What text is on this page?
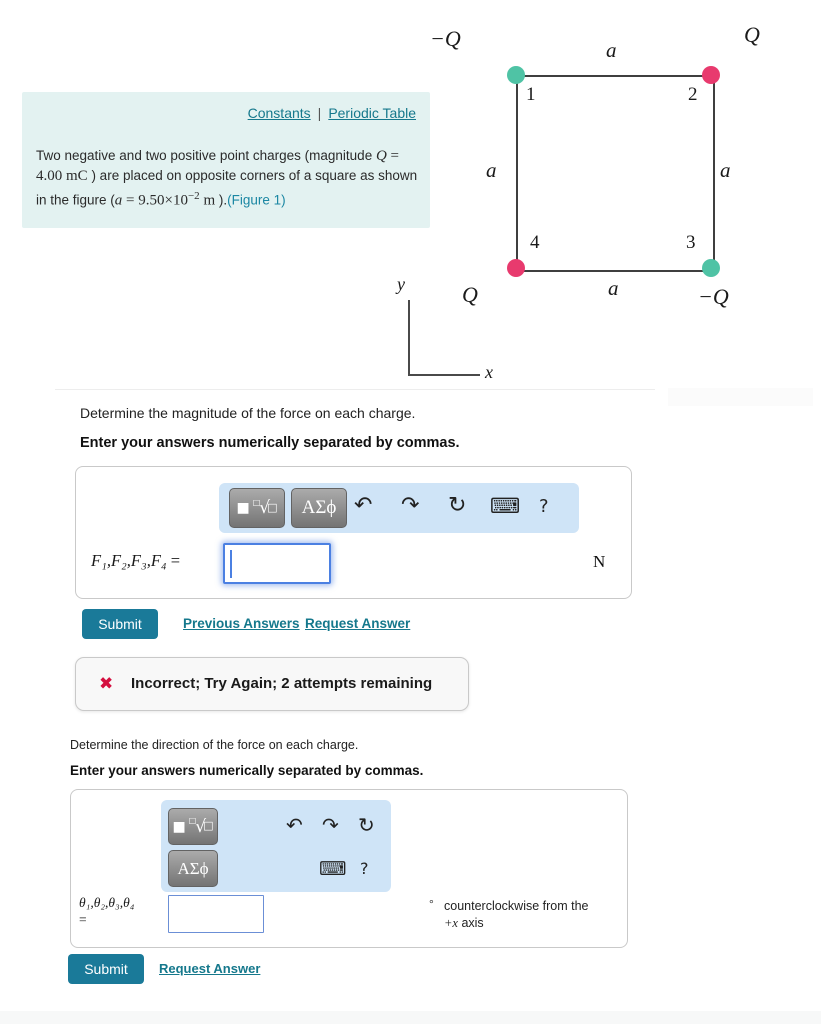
Constants | Periodic Table

Two negative and two positive point charges (magnitude Q = 4.00 mC ) are placed on opposite corners of a square as shown in the figure ($a = 9.50\times 10^{-2}$ m ).(Figure 1)

1	2
3
4
−Q	Q
−Q
Q
a
a	a
a
y
x
Determine the magnitude of the force on each charge.
Enter your answers numerically separated by commas.
■ □ √
□ ΑΣϕ ↶ ↷ ↻ ⌨ ?
F₁,F₂,F₃,F₄ =	N
Submit	Previous Answers Request Answer
✖ Incorrect; Try Again; 2 attempts remaining
Determine the direction of the force on each charge.
Enter your answers numerically separated by commas.
■ □ √
□	↶ ↷ ↻
ΑΣϕ	⌨ ?
θ₁,θ₂,θ₃,θ₄
=
° counterclockwise from the
+x axis
Submit	Request Answer
